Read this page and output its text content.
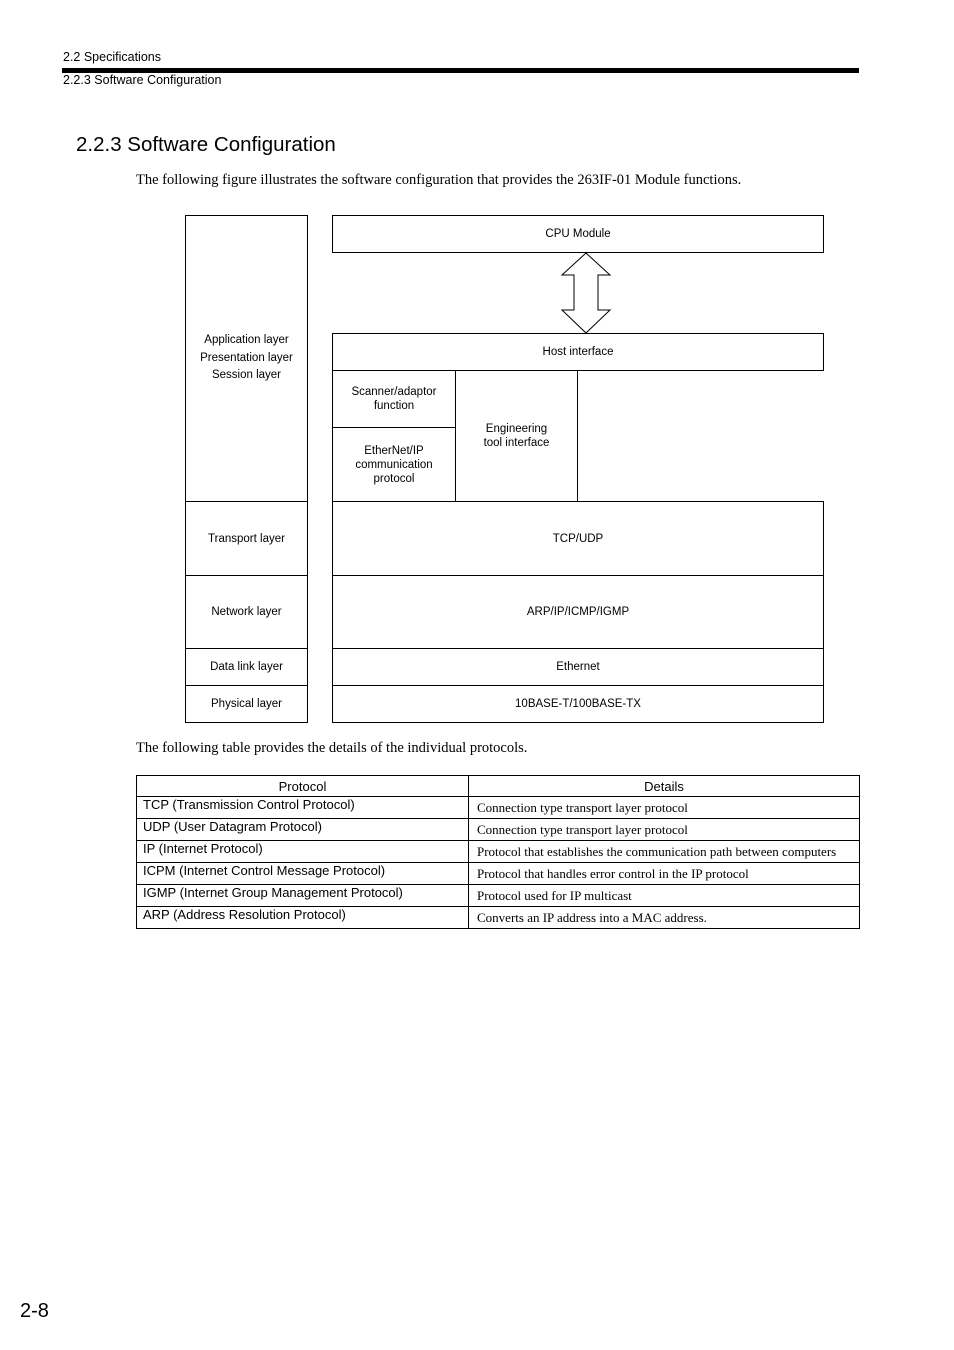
2.2 Specifications
2.2.3 Software Configuration
2.2.3 Software Configuration
The following figure illustrates the software configuration that provides the 263IF-01 Module functions.
Application layer
Presentation layer
Session layer
Transport layer
Network layer
Data link layer
Physical layer
CPU Module
Host interface
Scanner/adaptor
function
EtherNet/IP
communication
protocol
Engineering
tool interface
TCP/UDP
ARP/IP/ICMP/IGMP
Ethernet
10BASE-T/100BASE-TX
The following table provides the details of the individual protocols.
Protocol	Details
TCP (Transmission Control Protocol)	Connection type transport layer protocol
UDP (User Datagram Protocol)	Connection type transport layer protocol
IP (Internet Protocol)	Protocol that establishes the communication path between computers
ICPM (Internet Control Message Protocol)	Protocol that handles error control in the IP protocol
IGMP (Internet Group Management Protocol)	Protocol used for IP multicast
ARP (Address Resolution Protocol)	Converts an IP address into a MAC address.
2-8
